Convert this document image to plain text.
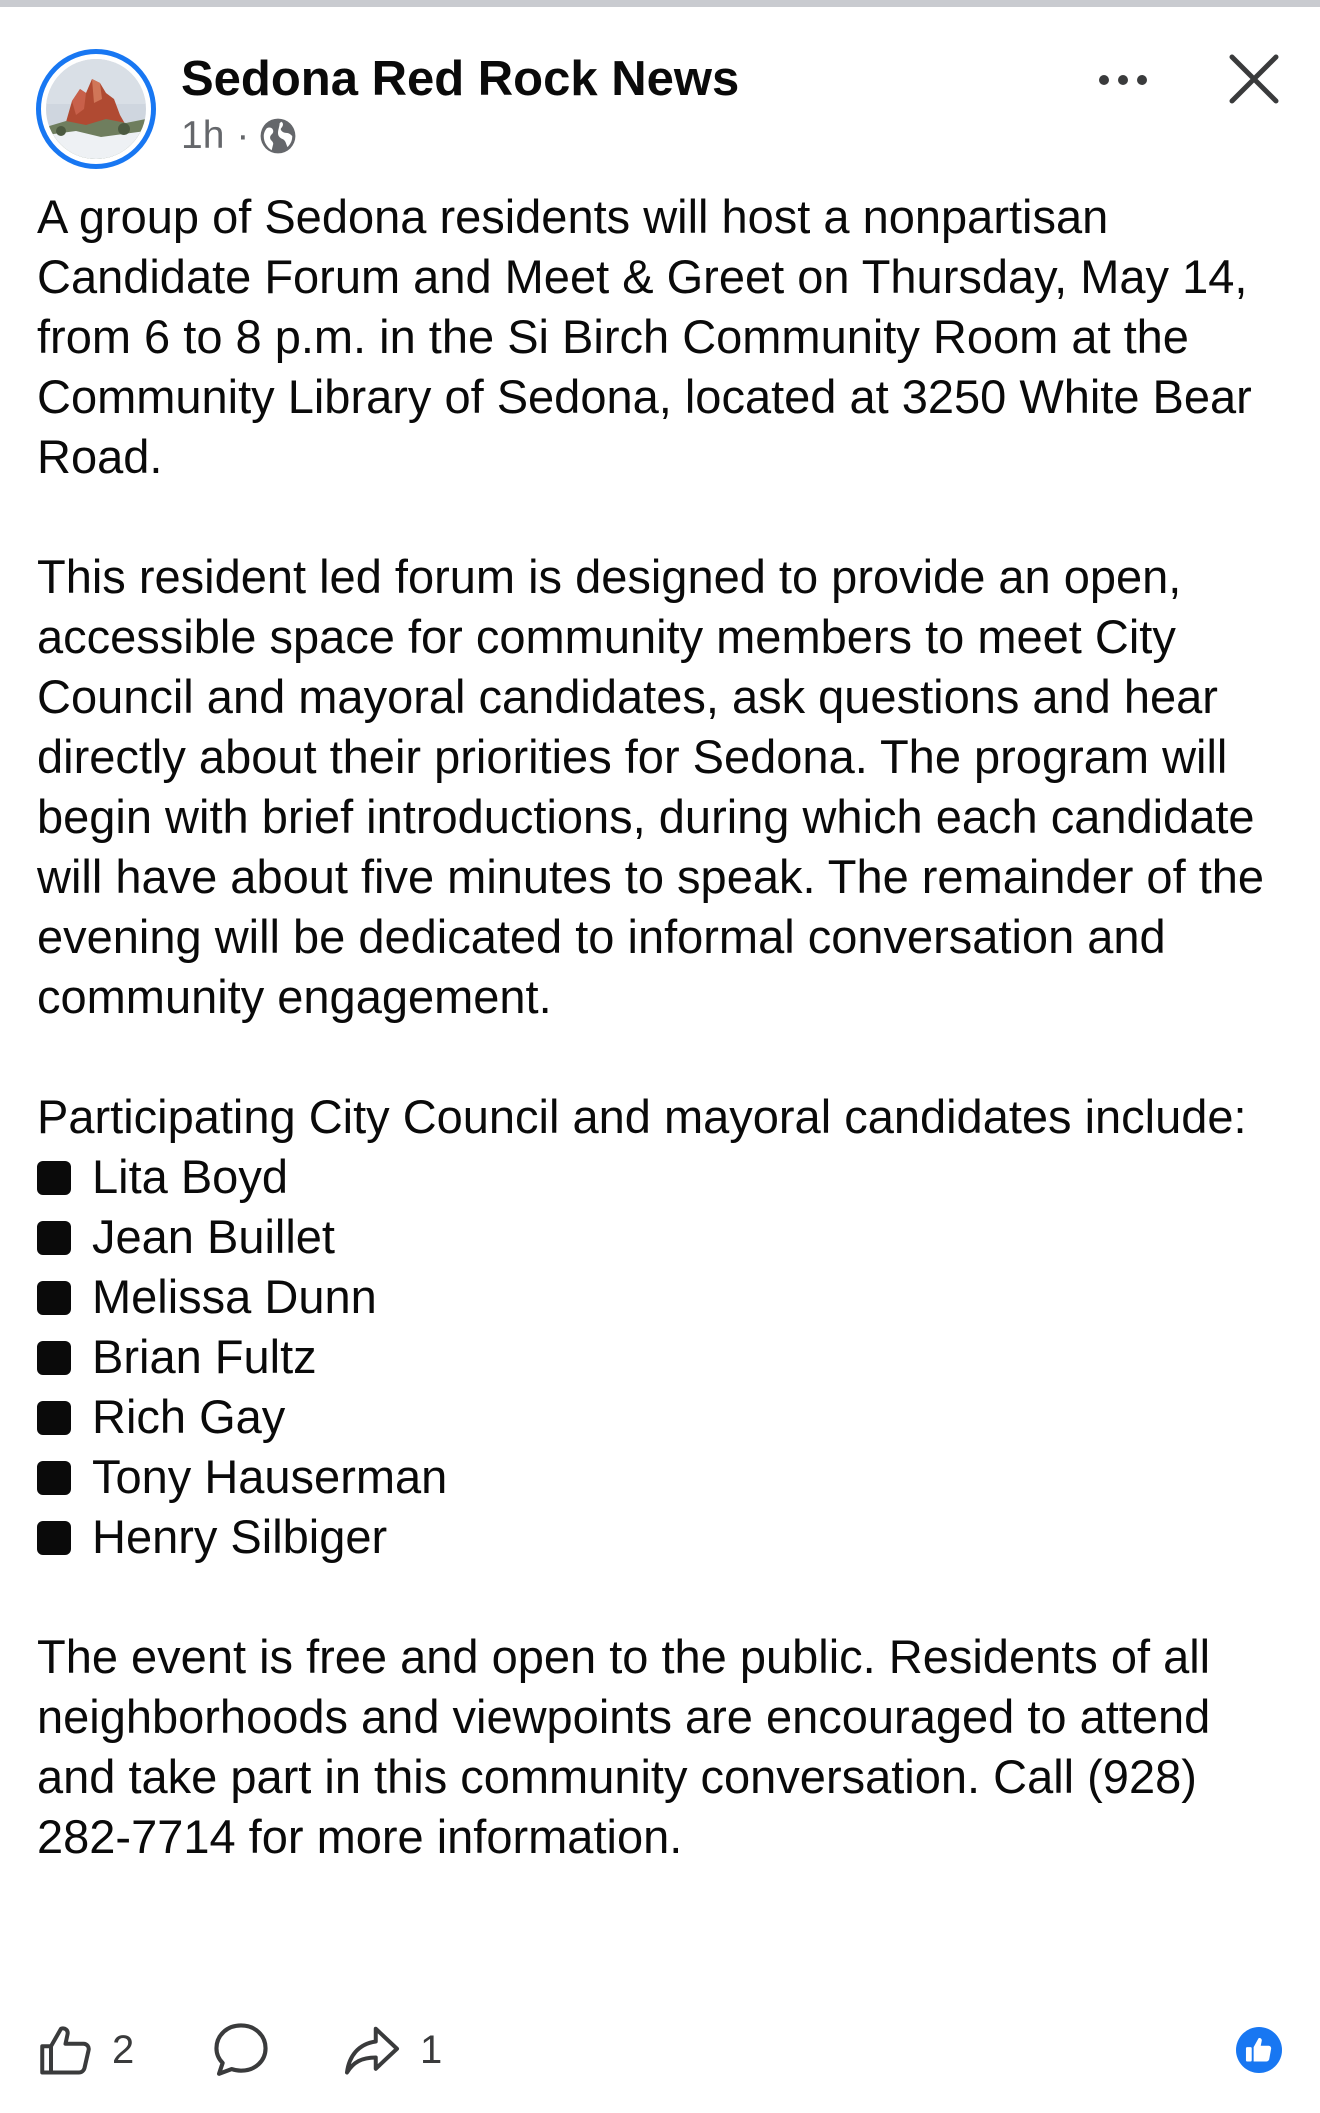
Sedona Red Rock News
1h ·

A group of Sedona residents will host a nonpartisan Candidate Forum and Meet & Greet on Thursday, May 14, from 6 to 8 p.m. in the Si Birch Community Room at the Community Library of Sedona, located at 3250 White Bear Road.

This resident led forum is designed to provide an open, accessible space for community members to meet City Council and mayoral candidates, ask questions and hear directly about their priorities for Sedona. The program will begin with brief introductions, during which each candidate will have about five minutes to speak. The remainder of the evening will be dedicated to informal conversation and community engagement.

Participating City Council and mayoral candidates include:

Lita Boyd
Jean Buillet
Melissa Dunn
Brian Fultz
Rich Gay
Tony Hauserman
Henry Silbiger

The event is free and open to the public. Residents of all neighborhoods and viewpoints are encouraged to attend and take part in this community conversation. Call (928) 282-7714 for more information.

2	1
